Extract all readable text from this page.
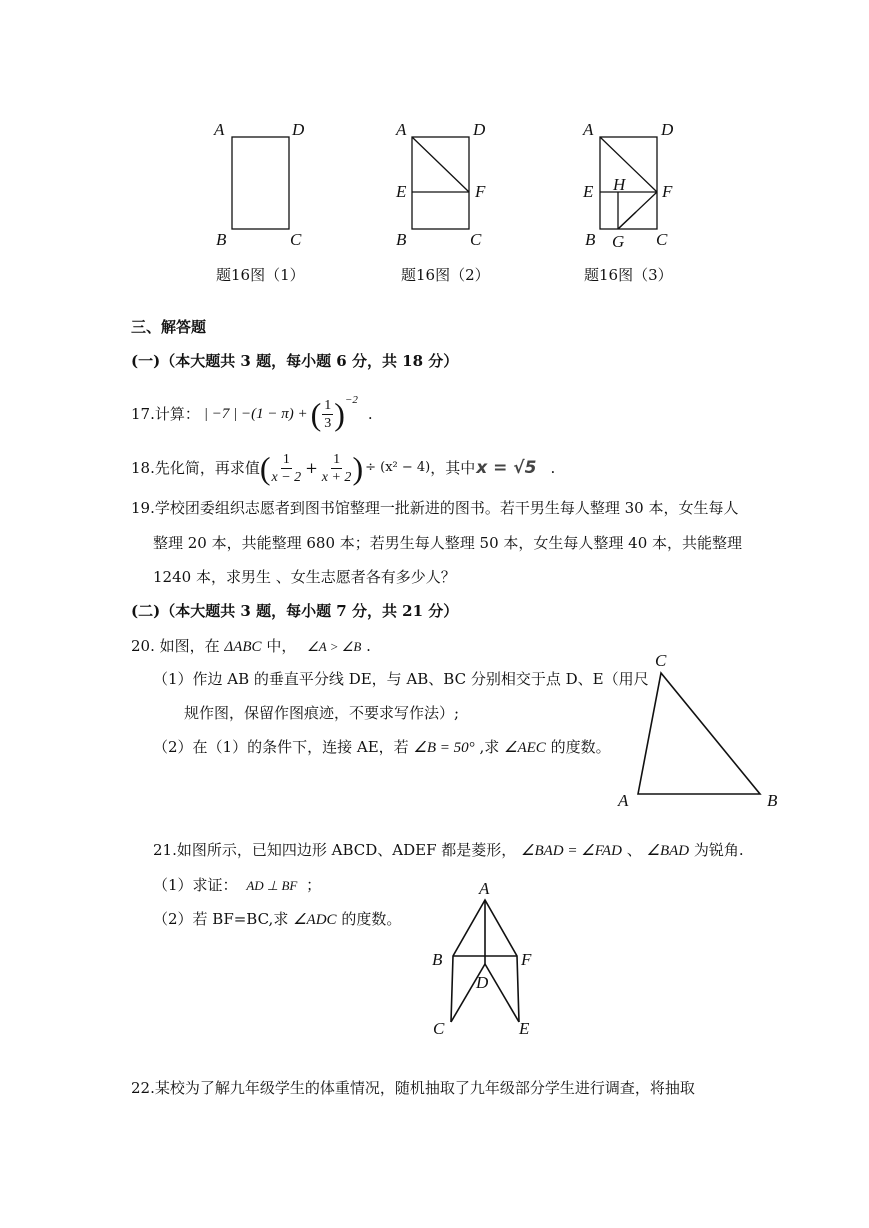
A	D
B	C
题16图（1）
A	D
E	F
B	C
题16图（2）
A	D
E H F
B G C
题16图（3）
三、解答题
(一)（本大题共 3 题，每小题 6 分，共 18 分）
17.计算： | −7 | −(1 − π) + ( $\frac{1}{3}$ ) −2
.
18.先化简，再求值 ( $\frac{1}{x - 2} + \frac{1}{x + 2}$ ) ÷ (x² − 4) ，其中 x = √5 .
19.学校团委组织志愿者到图书馆整理一批新进的图书。若干男生每人整理 30 本，女生每人
整理 20 本，共能整理 680 本；若男生每人整理 50 本，女生每人整理 40 本，共能整理
1240 本，求男生 、女生志愿者各有多少人？
(二)（本大题共 3 题，每小题 7 分，共 21 分）
20. 如图，在 ΔABC 中， ∠A > ∠B .
（1）作边 AB 的垂直平分线 DE，与 AB、BC 分别相交于点 D、E（用尺
规作图，保留作图痕迹，不要求写作法）;
（2）在（1）的条件下，连接 AE，若 ∠B = 50° ,求 ∠AEC 的度数。
A	B
C
21.如图所示，已知四边形 ABCD、ADEF 都是菱形， ∠BAD = ∠FAD 、 ∠BAD 为锐角.
（1）求证： AD ⊥ BF ；
（2）若 BF=BC,求 ∠ADC 的度数。
A
B	F
D
C	E
22.某校为了解九年级学生的体重情况，随机抽取了九年级部分学生进行调查，将抽取
